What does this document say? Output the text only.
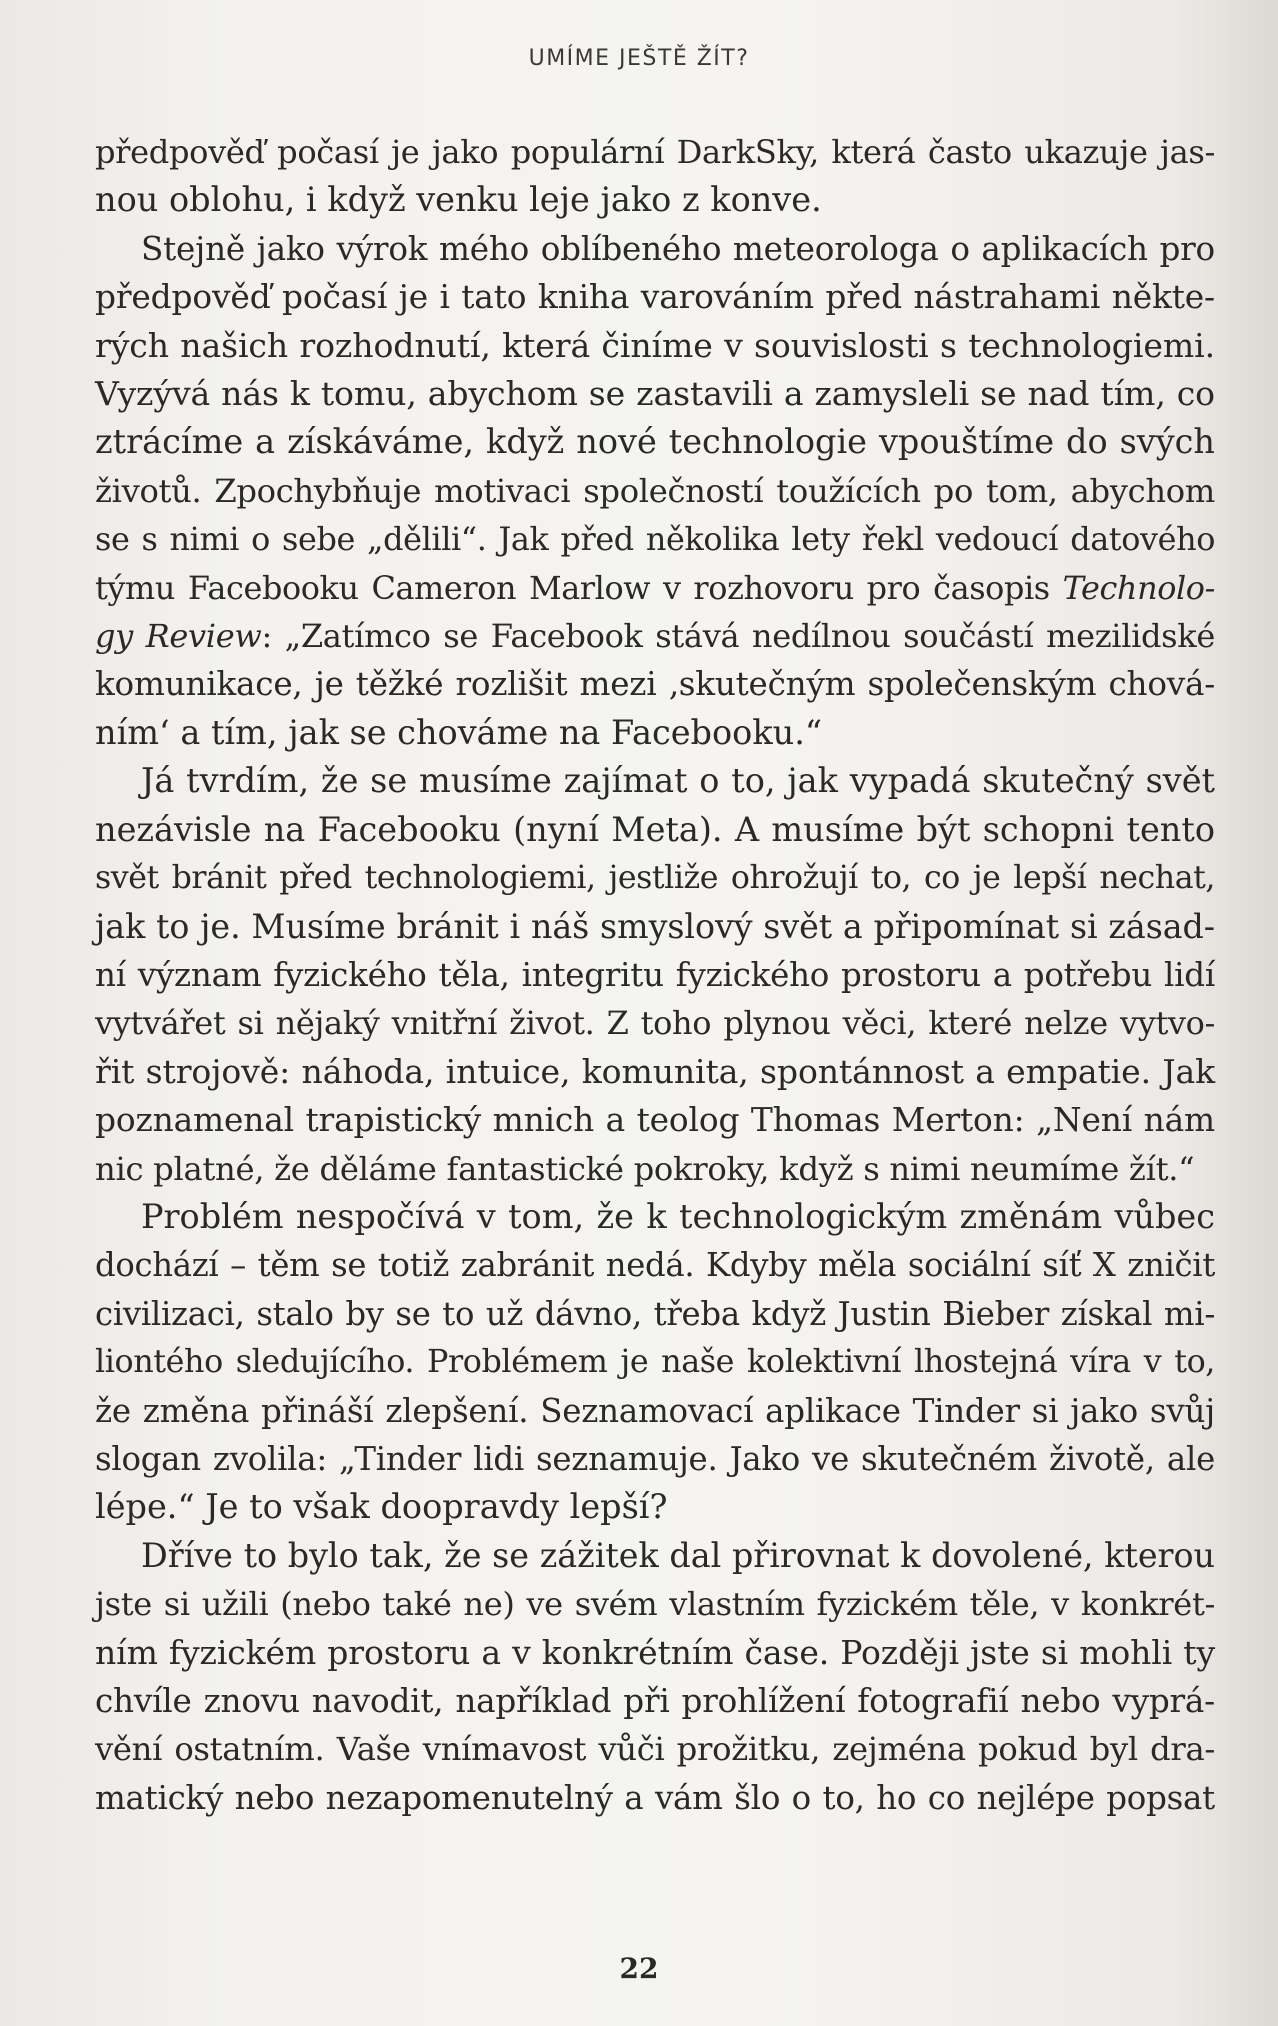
UMÍME JEŠTĚ ŽÍT?

předpověď počasí je jako populární DarkSky, která často ukazuje jas-
nou oblohu, i když venku leje jako z konve.

Stejně jako výrok mého oblíbeného meteorologa o aplikacích pro
předpověď počasí je i tato kniha varováním před nástrahami někte-
rých našich rozhodnutí, která činíme v souvislosti s technologiemi.
Vyzývá nás k tomu, abychom se zastavili a zamysleli se nad tím, co
ztrácíme a získáváme, když nové technologie vpouštíme do svých
životů. Zpochybňuje motivaci společností toužících po tom, abychom
se s nimi o sebe „dělili“. Jak před několika lety řekl vedoucí datového
týmu Facebooku Cameron Marlow v rozhovoru pro časopis Technolo-
gy Review: „Zatímco se Facebook stává nedílnou součástí mezilidské
komunikace, je těžké rozlišit mezi ‚skutečným společenským chová-
ním‘ a tím, jak se chováme na Facebooku.“

Já tvrdím, že se musíme zajímat o to, jak vypadá skutečný svět
nezávisle na Facebooku (nyní Meta). A musíme být schopni tento
svět bránit před technologiemi, jestliže ohrožují to, co je lepší nechat,
jak to je. Musíme bránit i náš smyslový svět a připomínat si zásad-
ní význam fyzického těla, integritu fyzického prostoru a potřebu lidí
vytvářet si nějaký vnitřní život. Z toho plynou věci, které nelze vytvo-
řit strojově: náhoda, intuice, komunita, spontánnost a empatie. Jak
poznamenal trapistický mnich a teolog Thomas Merton: „Není nám
nic platné, že děláme fantastické pokroky, když s nimi neumíme žít.“

Problém nespočívá v tom, že k technologickým změnám vůbec
dochází – těm se totiž zabránit nedá. Kdyby měla sociální síť X zničit
civilizaci, stalo by se to už dávno, třeba když Justin Bieber získal mi-
liontého sledujícího. Problémem je naše kolektivní lhostejná víra v to,
že změna přináší zlepšení. Seznamovací aplikace Tinder si jako svůj
slogan zvolila: „Tinder lidi seznamuje. Jako ve skutečném životě, ale
lépe.“ Je to však doopravdy lepší?

Dříve to bylo tak, že se zážitek dal přirovnat k dovolené, kterou
jste si užili (nebo také ne) ve svém vlastním fyzickém těle, v konkrét-
ním fyzickém prostoru a v konkrétním čase. Později jste si mohli ty
chvíle znovu navodit, například při prohlížení fotografií nebo vyprá-
vění ostatním. Vaše vnímavost vůči prožitku, zejména pokud byl dra-
matický nebo nezapomenutelný a vám šlo o to, ho co nejlépe popsat

22
